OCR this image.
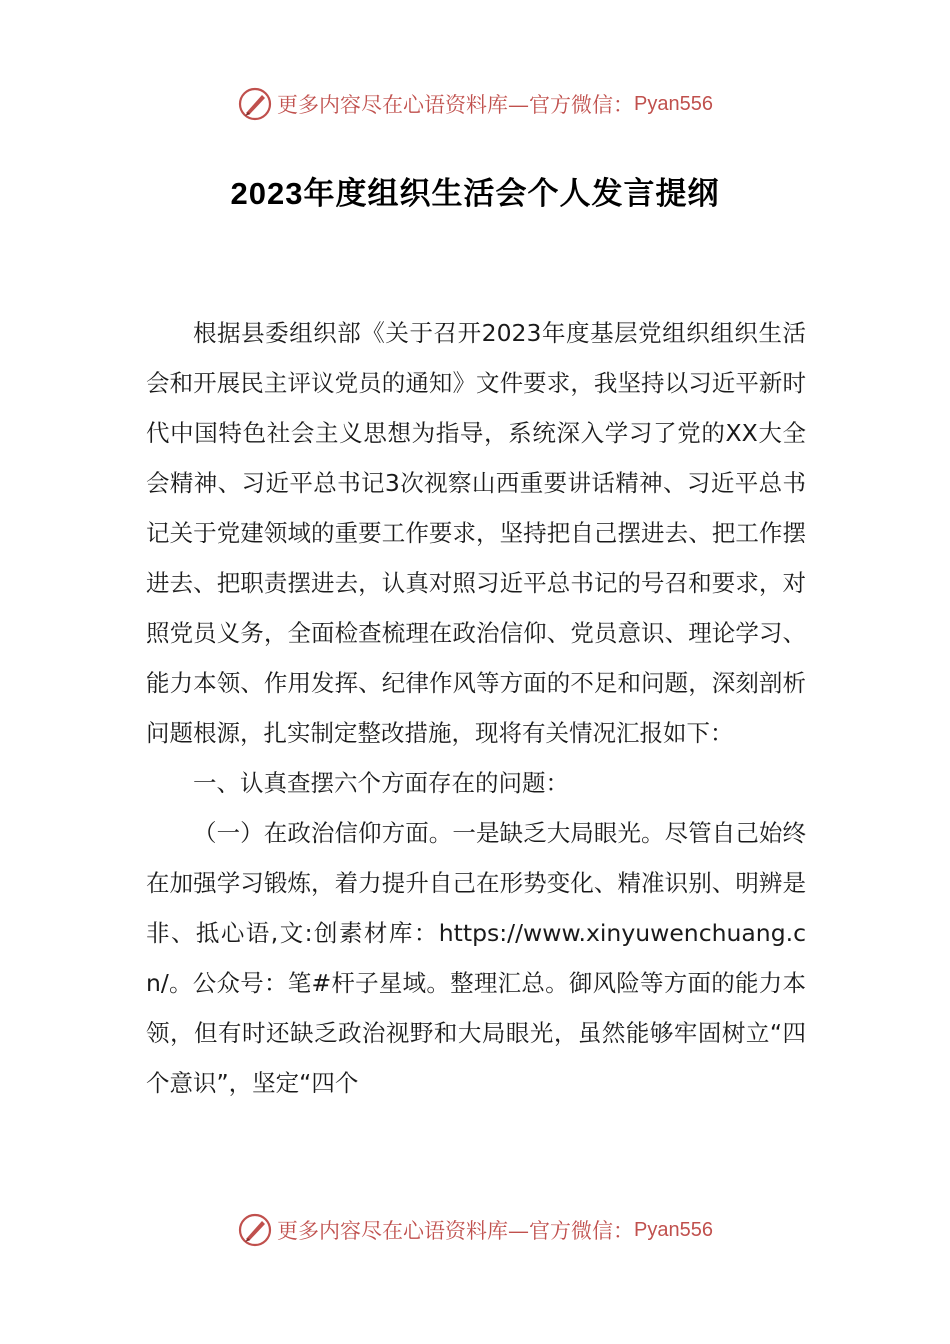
更多内容尽在心语资料库—官方微信： Pyan556
2023年度组织生活会个人发言提纲

根据县委组织部《关于召开2023年度基层党组织组织生活会和开展民主评议党员的通知》文件要求，我坚持以习近平新时代中国特色社会主义思想为指导，系统深入学习了党的XX大全会精神、习近平总书记3次视察山西重要讲话精神、习近平总书记关于党建领域的重要工作要求，坚持把自己摆进去、把工作摆进去、把职责摆进去，认真对照习近平总书记的号召和要求，对照党员义务，全面检查梳理在政治信仰、党员意识、理论学习、能力本领、作用发挥、纪律作风等方面的不足和问题，深刻剖析问题根源，扎实制定整改措施，现将有关情况汇报如下：

一、认真查摆六个方面存在的问题：

（一）在政治信仰方面。一是缺乏大局眼光。尽管自己始终在加强学习锻炼，着力提升自己在形势变化、精准识别、明辨是非、抵心语,文:创素材库：https://www.xinyuwenchuang.cn/。公众号：笔#杆子星域。整理汇总。御风险等方面的能力本领，但有时还缺乏政治视野和大局眼光，虽然能够牢固树立“四个意识”，坚定“四个

更多内容尽在心语资料库—官方微信： Pyan556
